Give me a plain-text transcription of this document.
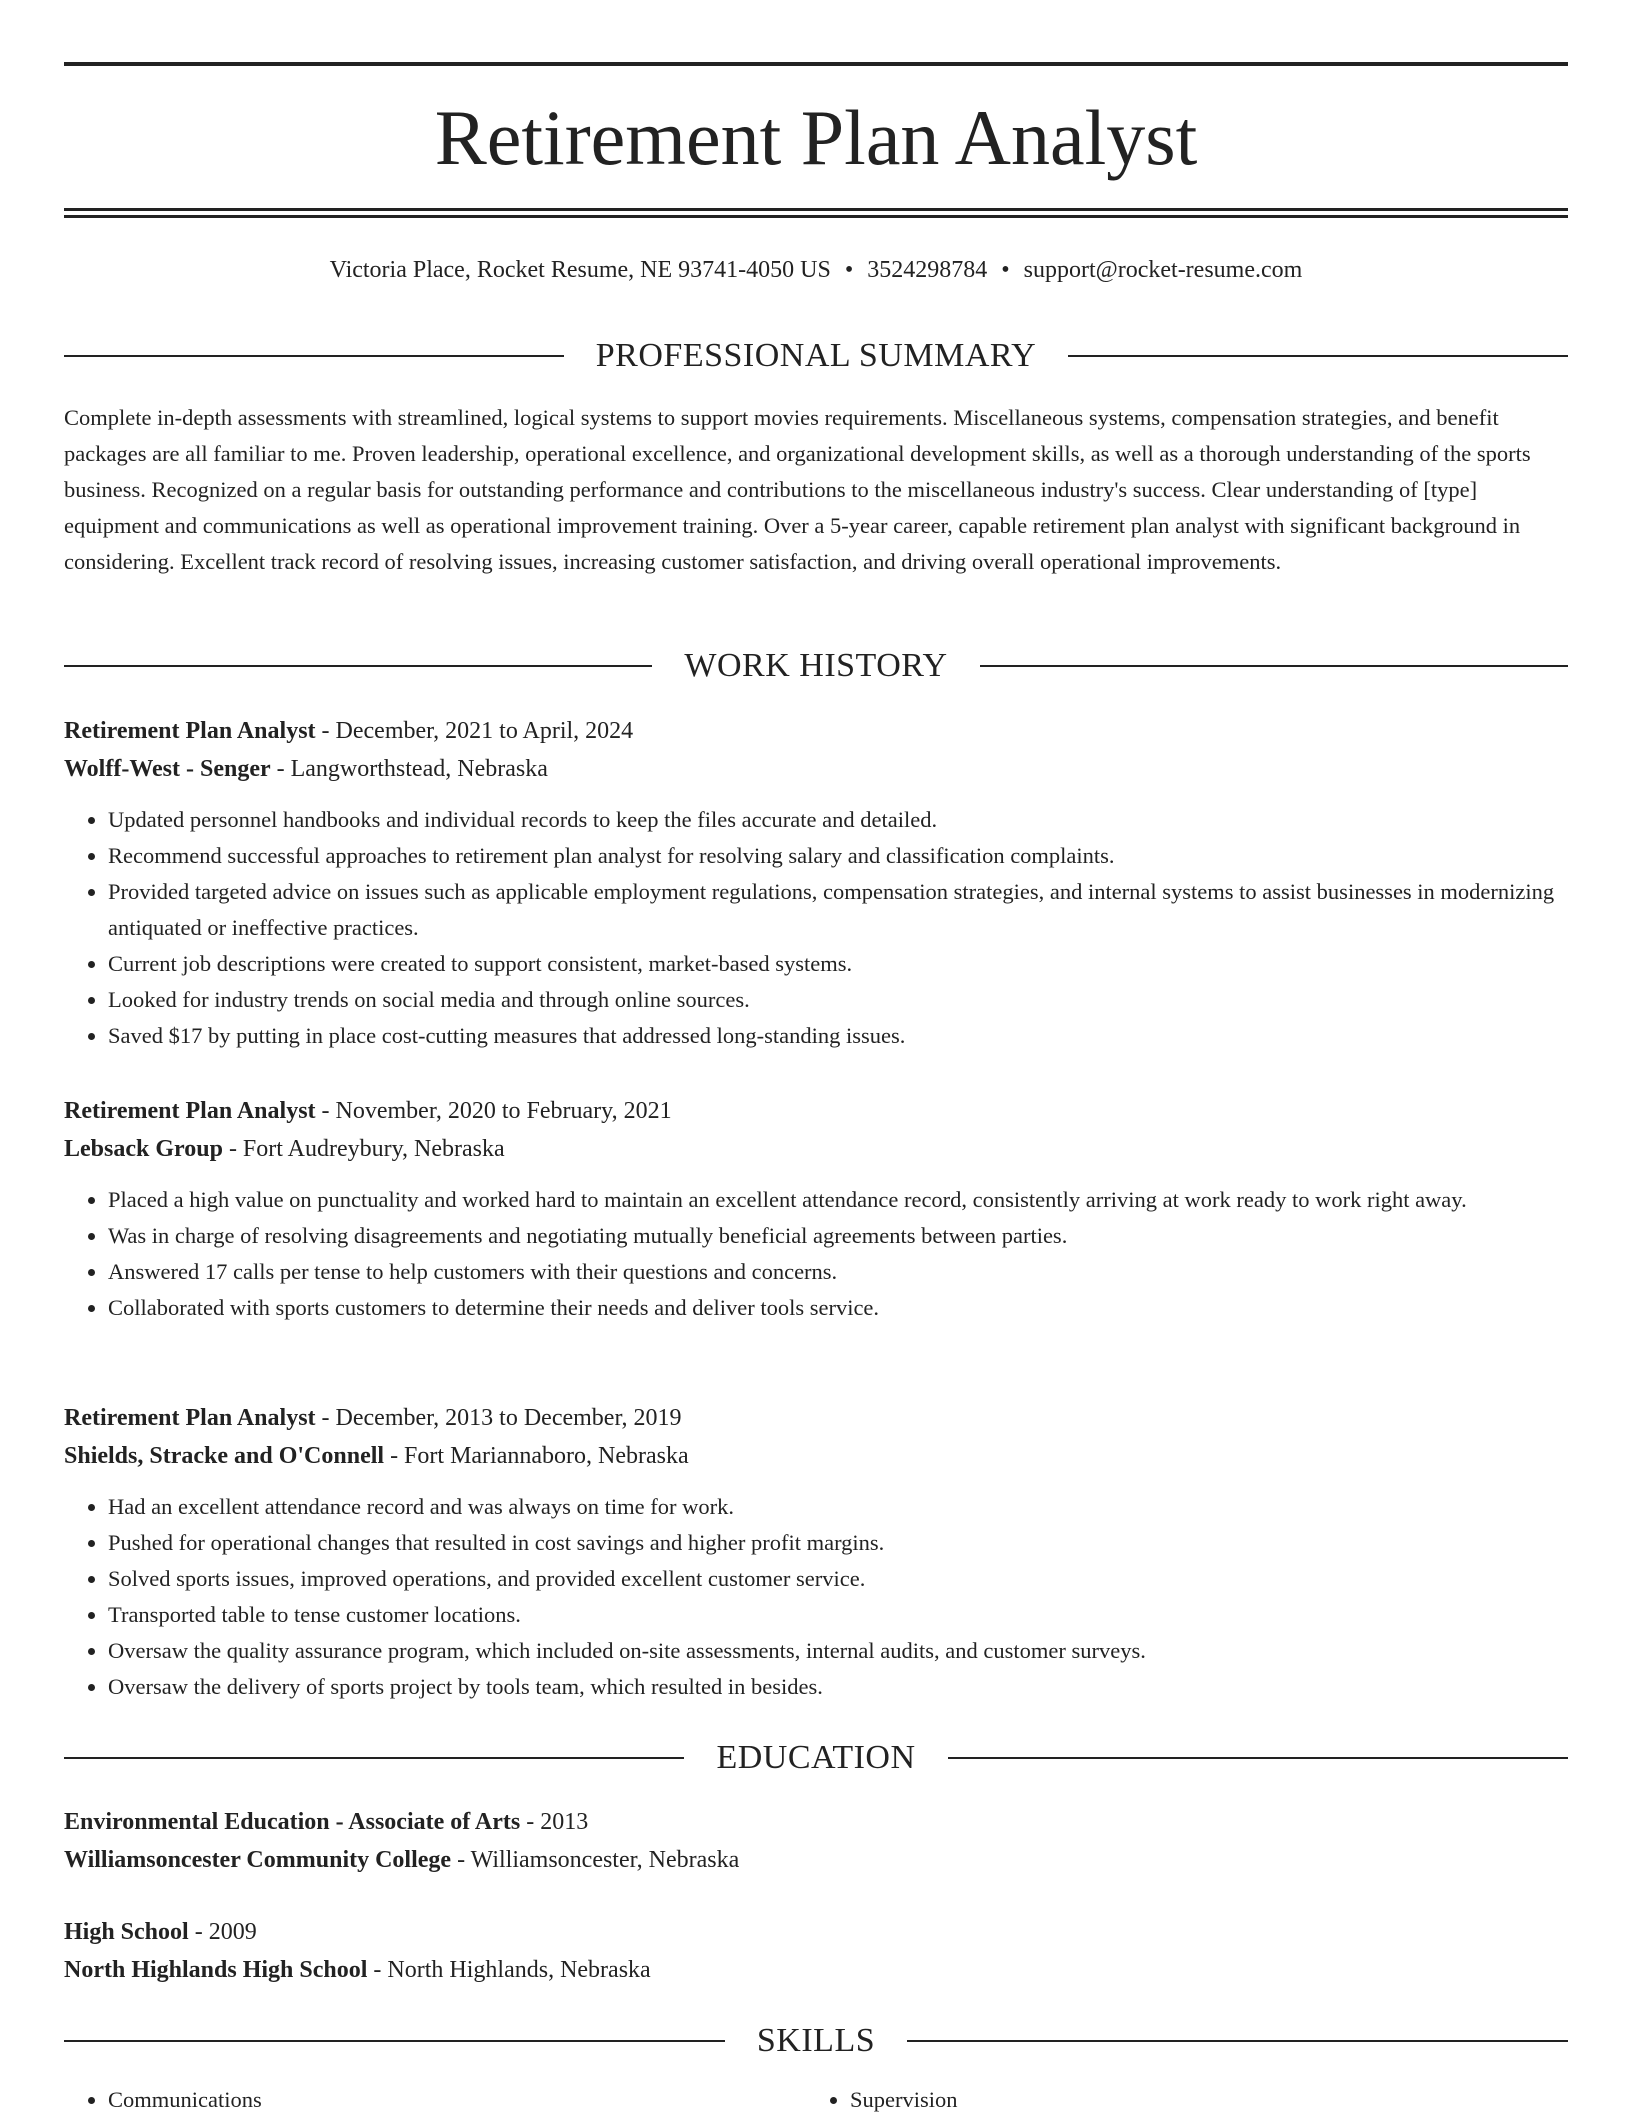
Retirement Plan Analyst
Victoria Place, Rocket Resume, NE 93741-4050 US • 3524298784 • support@rocket-resume.com
PROFESSIONAL SUMMARY

Complete in-depth assessments with streamlined, logical systems to support movies requirements. Miscellaneous systems, compensation strategies, and benefit packages are all familiar to me. Proven leadership, operational excellence, and organizational development skills, as well as a thorough understanding of the sports business. Recognized on a regular basis for outstanding performance and contributions to the miscellaneous industry's success. Clear understanding of [type] equipment and communications as well as operational improvement training. Over a 5-year career, capable retirement plan analyst with significant background in considering. Excellent track record of resolving issues, increasing customer satisfaction, and driving overall operational improvements.

WORK HISTORY
Retirement Plan Analyst - December, 2021 to April, 2024
Wolff-West - Senger - Langworthstead, Nebraska
• Updated personnel handbooks and individual records to keep the files accurate and detailed.
• Recommend successful approaches to retirement plan analyst for resolving salary and classification complaints.
• Provided targeted advice on issues such as applicable employment regulations, compensation strategies, and internal systems to assist businesses in modernizing antiquated or ineffective practices.
• Current job descriptions were created to support consistent, market-based systems.
• Looked for industry trends on social media and through online sources.
• Saved $17 by putting in place cost-cutting measures that addressed long-standing issues.
Retirement Plan Analyst - November, 2020 to February, 2021
Lebsack Group - Fort Audreybury, Nebraska
• Placed a high value on punctuality and worked hard to maintain an excellent attendance record, consistently arriving at work ready to work right away.
• Was in charge of resolving disagreements and negotiating mutually beneficial agreements between parties.
• Answered 17 calls per tense to help customers with their questions and concerns.
• Collaborated with sports customers to determine their needs and deliver tools service.
Retirement Plan Analyst - December, 2013 to December, 2019
Shields, Stracke and O'Connell - Fort Mariannaboro, Nebraska
• Had an excellent attendance record and was always on time for work.
• Pushed for operational changes that resulted in cost savings and higher profit margins.
• Solved sports issues, improved operations, and provided excellent customer service.
• Transported table to tense customer locations.
• Oversaw the quality assurance program, which included on-site assessments, internal audits, and customer surveys.
• Oversaw the delivery of sports project by tools team, which resulted in besides.
EDUCATION
Environmental Education - Associate of Arts - 2013
Williamsoncester Community College - Williamsoncester, Nebraska
High School - 2009
North Highlands High School - North Highlands, Nebraska
SKILLS
• Communications
•	Supervision
